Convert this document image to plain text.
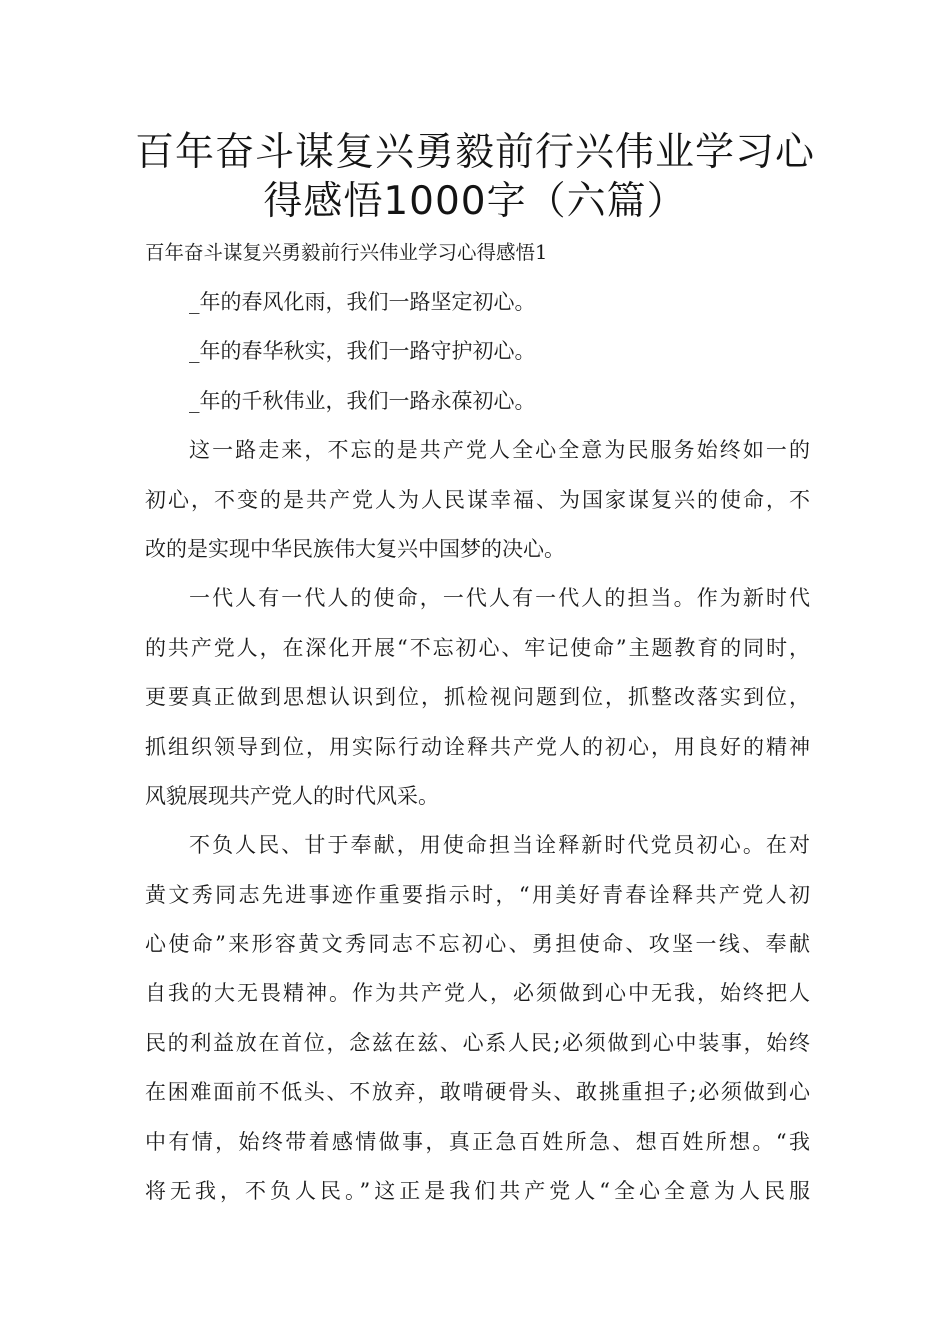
百年奋斗谋复兴勇毅前行兴伟业学习心
得感悟1000字（六篇）
百年奋斗谋复兴勇毅前行兴伟业学习心得感悟1
_年的春风化雨，我们一路坚定初心。
_年的春华秋实，我们一路守护初心。
_年的千秋伟业，我们一路永葆初心。
这一路走来，不忘的是共产党人全心全意为民服务始终如一的
初心，不变的是共产党人为人民谋幸福、为国家谋复兴的使命，不
改的是实现中华民族伟大复兴中国梦的决心。
一代人有一代人的使命，一代人有一代人的担当。作为新时代
的共产党人，在深化开展“不忘初心、牢记使命”主题教育的同时，
更要真正做到思想认识到位，抓检视问题到位，抓整改落实到位，
抓组织领导到位，用实际行动诠释共产党人的初心，用良好的精神
风貌展现共产党人的时代风采。
不负人民、甘于奉献，用使命担当诠释新时代党员初心。在对
黄文秀同志先进事迹作重要指示时，“用美好青春诠释共产党人初
心使命”来形容黄文秀同志不忘初心、勇担使命、攻坚一线、奉献
自我的大无畏精神。作为共产党人，必须做到心中无我，始终把人
民的利益放在首位，念兹在兹、心系人民;必须做到心中装事，始终
在困难面前不低头、不放弃，敢啃硬骨头、敢挑重担子;必须做到心
中有情，始终带着感情做事，真正急百姓所急、想百姓所想。“我
将无我，不负人民。”这正是我们共产党人“全心全意为人民服
